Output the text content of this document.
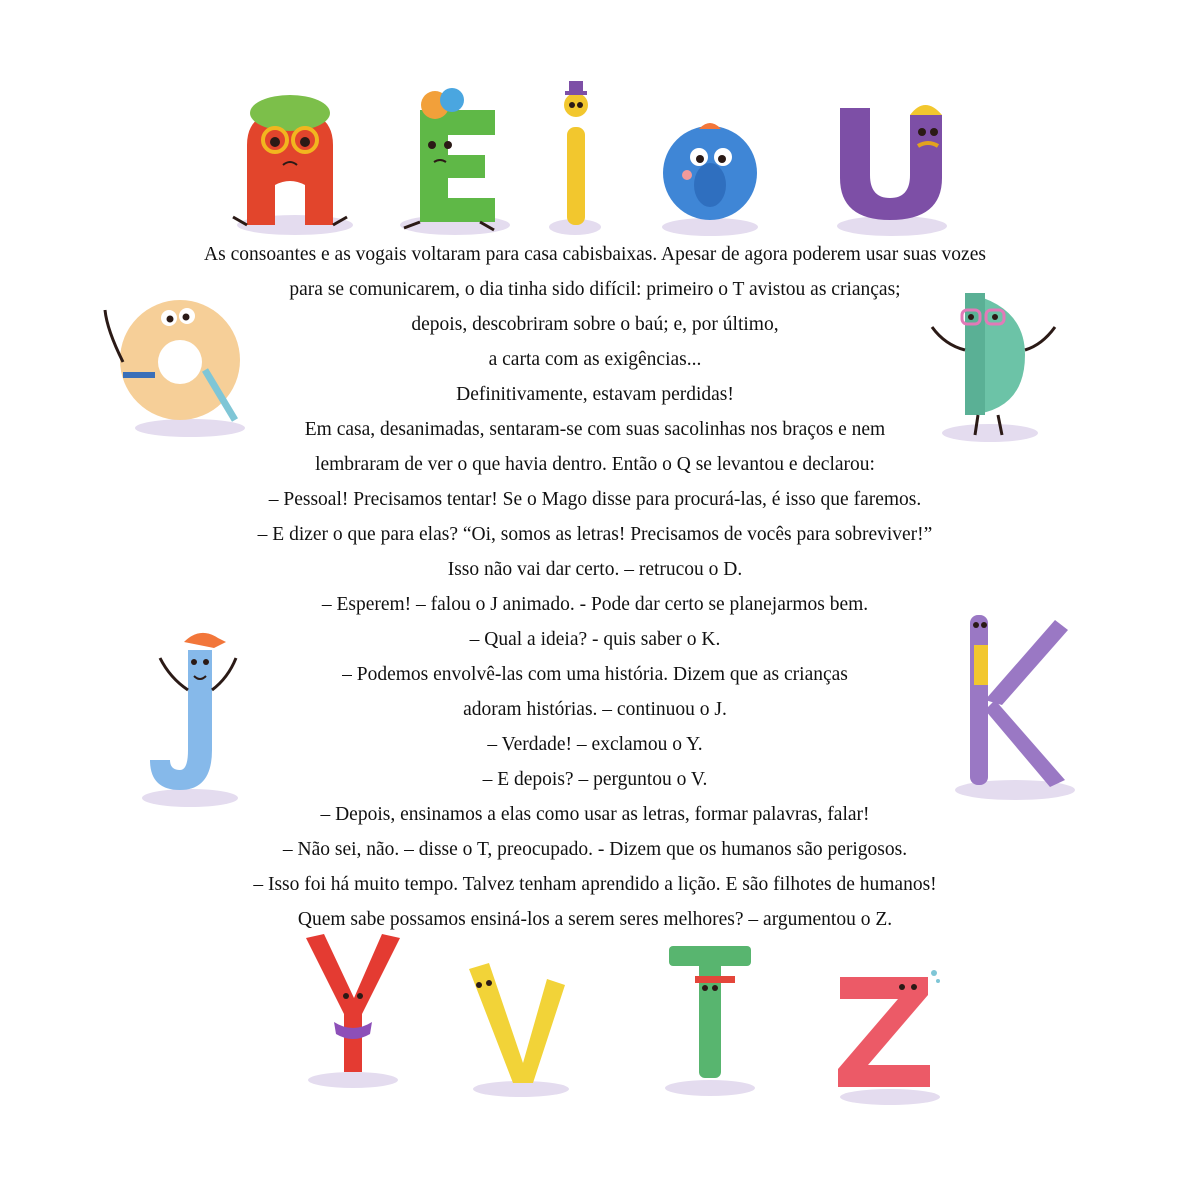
As consoantes e as vogais voltaram para casa cabisbaixas. Apesar de agora poderem usar suas vozes

para se comunicarem, o dia tinha sido difícil: primeiro o T avistou as crianças;

depois, descobriram sobre o baú; e, por último,

a carta com as exigências...

Definitivamente, estavam perdidas!

Em casa, desanimadas, sentaram-se com suas sacolinhas nos braços e nem

lembraram de ver o que havia dentro. Então o Q se levantou e declarou:

– Pessoal! Precisamos tentar! Se o Mago disse para procurá-las, é isso que faremos.

– E dizer o que para elas? “Oi, somos as letras! Precisamos de vocês para sobreviver!”

Isso não vai dar certo. – retrucou o D.

– Esperem! – falou o J animado. - Pode dar certo se planejarmos bem.

– Qual a ideia? - quis saber o K.

– Podemos envolvê-las com uma história. Dizem que as crianças

adoram histórias. – continuou o J.

– Verdade! – exclamou o Y.

– E depois? – perguntou o V.

– Depois, ensinamos a elas como usar as letras, formar palavras, falar!

– Não sei, não. – disse o T, preocupado. - Dizem que os humanos são perigosos.

– Isso foi há muito tempo. Talvez tenham aprendido a lição. E são filhotes de humanos!

Quem sabe possamos ensiná-los a serem seres melhores? – argumentou o Z.
